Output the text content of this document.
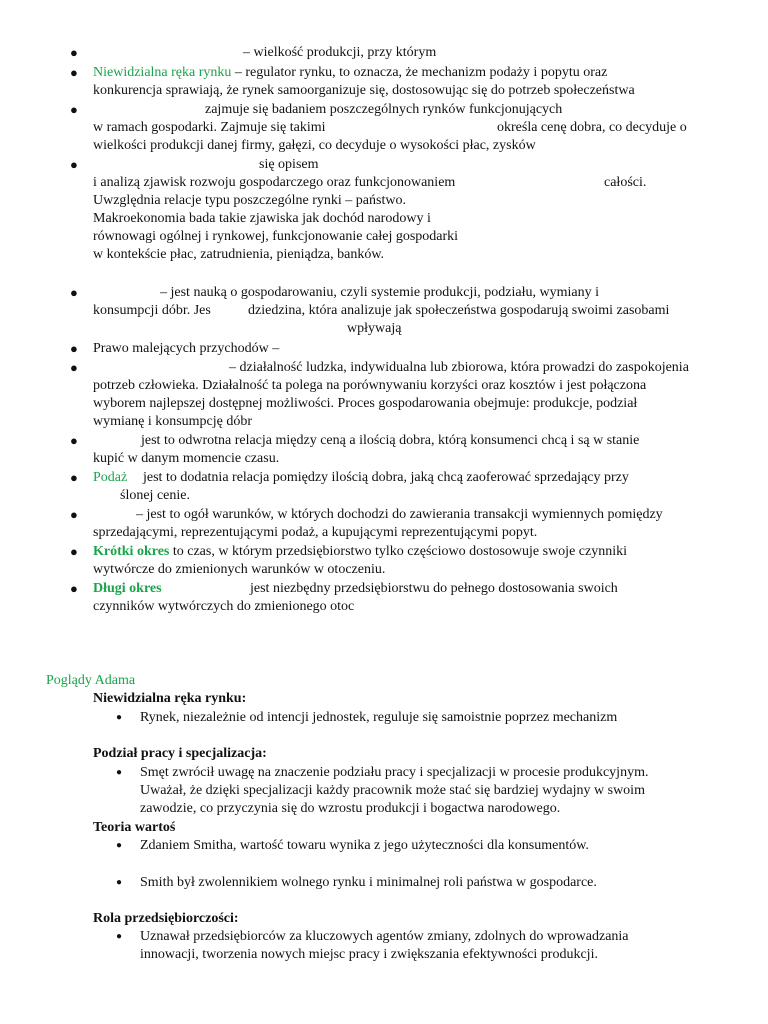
●	– wielkość produkcji, przy którym
● Niewidzialna ręka rynku – regulator rynku, to oznacza, że mechanizm podaży i popytu oraz
konkurencja sprawiają, że rynek samoorganizuje się, dostosowując się do potrzeb społeczeństwa
●	zajmuje się badaniem poszczególnych rynków funkcjonujących
w ramach gospodarki. Zajmuje się takimi	określa cenę dobra, co decyduje o
wielkości produkcji danej firmy, gałęzi, co decyduje o wysokości płac, zysków
●	się opisem
i analizą zjawisk rozwoju gospodarczego oraz funkcjonowaniem	całości.
Uwzględnia relacje typu poszczególne rynki – państwo.
Makroekonomia bada takie zjawiska jak dochód narodowy i
równowagi ogólnej i rynkowej, funkcjonowanie całej gospodarki
w kontekście płac, zatrudnienia, pieniądza, banków.
●	– jest nauką o gospodarowaniu, czyli systemie produkcji, podziału, wymiany i
konsumpcji dóbr. Jes	dziedzina, która analizuje jak społeczeństwa gospodarują swoimi zasobami
wpływają
● Prawo malejących przychodów –
●	– działalność ludzka, indywidualna lub zbiorowa, która prowadzi do zaspokojenia
potrzeb człowieka. Działalność ta polega na porównywaniu korzyści oraz kosztów i jest połączona
wyborem najlepszej dostępnej możliwości. Proces gospodarowania obejmuje: produkcje, podział
wymianę i konsumpcję dóbr
●	jest to odwrotna relacja między ceną a ilością dobra, którą konsumenci chcą i są w stanie
kupić w danym momencie czasu.
● Podaż jest to dodatnia relacja pomiędzy ilością dobra, jaką chcą zaoferować sprzedający przy
ślonej cenie.
●	– jest to ogół warunków, w których dochodzi do zawierania transakcji wymiennych pomiędzy
sprzedającymi, reprezentującymi podaż, a kupującymi reprezentującymi popyt.
● Krótki okres to czas, w którym przedsiębiorstwo tylko częściowo dostosowuje swoje czynniki
wytwórcze do zmienionych warunków w otoczeniu.
● Długi okres	jest niezbędny przedsiębiorstwu do pełnego dostosowania swoich
czynników wytwórczych do zmienionego otoc
Poglądy Adama
Niewidzialna ręka rynku:
● Rynek, niezależnie od intencji jednostek, reguluje się samoistnie poprzez mechanizm
Podział pracy i specjalizacja:
● Smęt zwrócił uwagę na znaczenie podziału pracy i specjalizacji w procesie produkcyjnym.
Uważał, że dzięki specjalizacji każdy pracownik może stać się bardziej wydajny w swoim
zawodzie, co przyczynia się do wzrostu produkcji i bogactwa narodowego.
Teoria wartoś
● Zdaniem Smitha, wartość towaru wynika z jego użyteczności dla konsumentów.
● Smith był zwolennikiem wolnego rynku i minimalnej roli państwa w gospodarce.
Rola przedsiębiorczości:
● Uznawał przedsiębiorców za kluczowych agentów zmiany, zdolnych do wprowadzania
innowacji, tworzenia nowych miejsc pracy i zwiększania efektywności produkcji.
